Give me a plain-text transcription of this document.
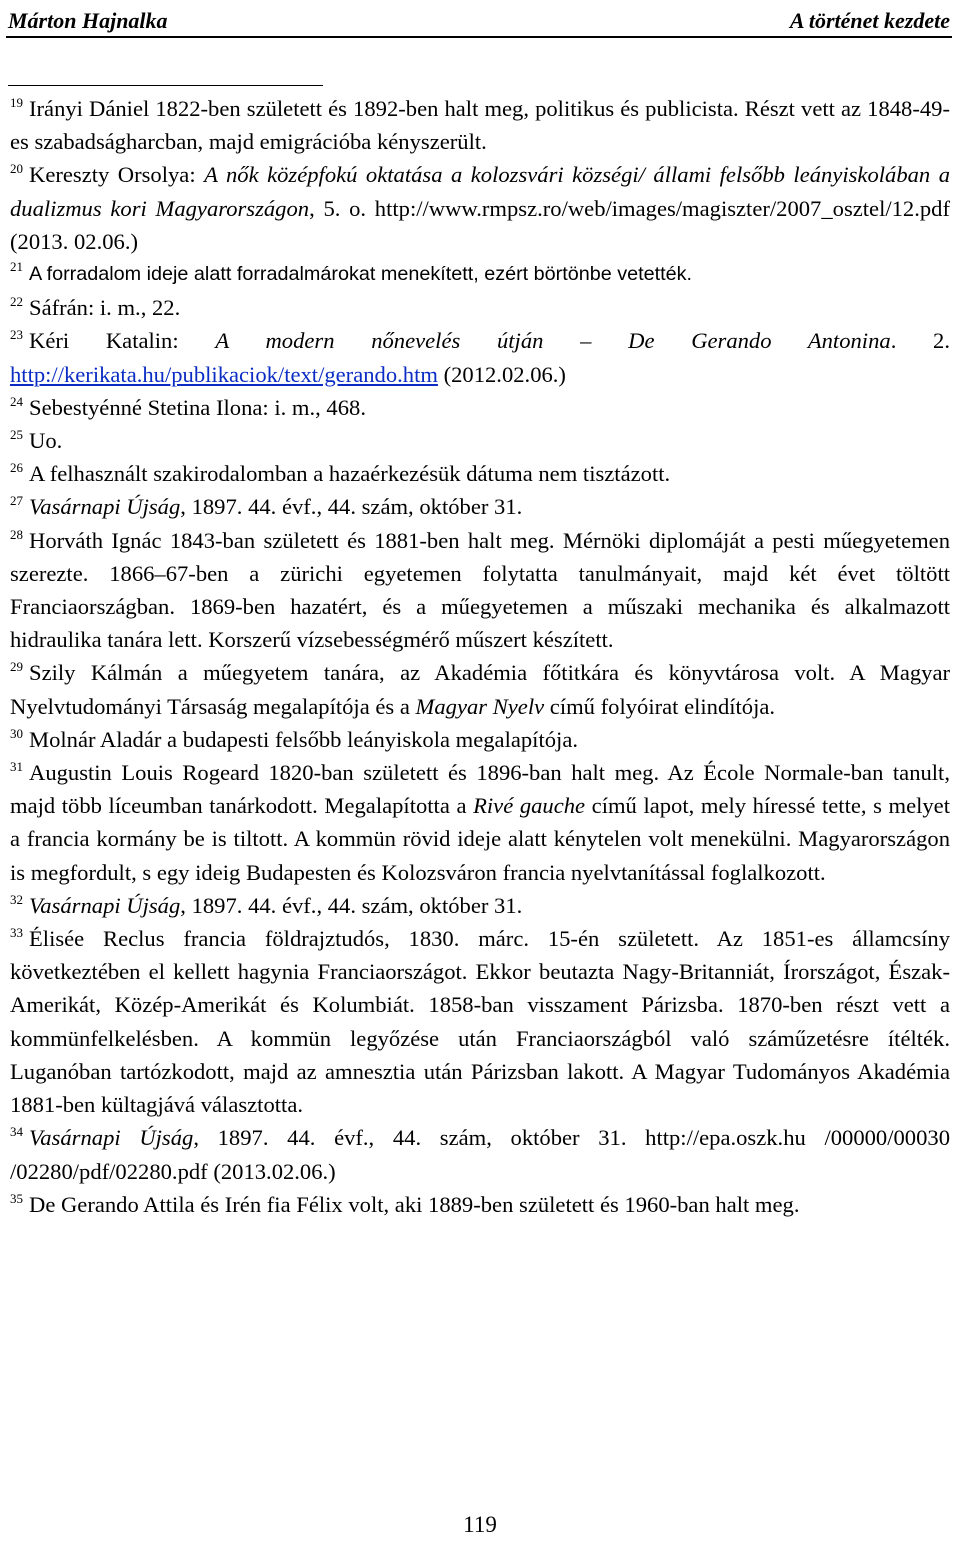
Márton Hajnalka	A történet kezdete

$^{19}$ Irányi Dániel 1822-ben született és 1892-ben halt meg, politikus és publicista. Részt vett az 1848-49-es szabadságharcban, majd emigrációba kényszerült.

$^{20}$ Kereszty Orsolya: A nők középfokú oktatása a kolozsvári községi/ állami felsőbb leányiskolában a dualizmus kori Magyarországon, 5. o. http://www.rmpsz.ro/web/images/magiszter/2007_osztel/12.pdf (2013. 02.06.)

$^{21}$ A forradalom ideje alatt forradalmárokat menekített, ezért börtönbe vetették.

$^{22}$ Sáfrán: i. m., 22.

$^{23}$ Kéri Katalin: A modern nőnevelés útján – De Gerando Antonina. 2. http://kerikata.hu/publikaciok/text/gerando.htm (2012.02.06.)

$^{24}$ Sebestyénné Stetina Ilona: i. m., 468.

$^{25}$ Uo.

$^{26}$ A felhasznált szakirodalomban a hazaérkezésük dátuma nem tisztázott.

$^{27}$ Vasárnapi Újság, 1897. 44. évf., 44. szám, október 31.

$^{28}$ Horváth Ignác 1843-ban született és 1881-ben halt meg. Mérnöki diplomáját a pesti műegyetemen szerezte. 1866–67-ben a zürichi egyetemen folytatta tanulmányait, majd két évet töltött Franciaországban. 1869-ben hazatért, és a műegyetemen a műszaki mechanika és alkalmazott hidraulika tanára lett. Korszerű vízsebességmérő műszert készített.

$^{29}$ Szily Kálmán a műegyetem tanára, az Akadémia főtitkára és könyvtárosa volt. A Magyar Nyelvtudományi Társaság megalapítója és a Magyar Nyelv című folyóirat elindítója.

$^{30}$ Molnár Aladár a budapesti felsőbb leányiskola megalapítója.

$^{31}$ Augustin Louis Rogeard 1820-ban született és 1896-ban halt meg. Az École Normale-ban tanult, majd több líceumban tanárkodott. Megalapította a Rivé gauche című lapot, mely híressé tette, s melyet a francia kormány be is tiltott. A kommün rövid ideje alatt kénytelen volt menekülni. Magyarországon is megfordult, s egy ideig Budapesten és Kolozsváron francia nyelvtanítással foglalkozott.

$^{32}$ Vasárnapi Újság, 1897. 44. évf., 44. szám, október 31.

$^{33}$ Élisée Reclus francia földrajztudós, 1830. márc. 15-én született. Az 1851-es államcsíny következtében el kellett hagynia Franciaországot. Ekkor beutazta Nagy-Britanniát, Írországot, Észak-Amerikát, Közép-Amerikát és Kolumbiát. 1858-ban visszament Párizsba. 1870-ben részt vett a kommünfelkelésben. A kommün legyőzése után Franciaországból való száműzetésre ítélték. Luganóban tartózkodott, majd az amnesztia után Párizsban lakott. A Magyar Tudományos Akadémia 1881-ben kültagjává választotta.

$^{34}$ Vasárnapi Újság, 1897. 44. évf., 44. szám, október 31. http://epa.oszk.hu /00000/00030 /02280/pdf/02280.pdf (2013.02.06.)

$^{35}$ De Gerando Attila és Irén fia Félix volt, aki 1889-ben született és 1960-ban halt meg.

119
